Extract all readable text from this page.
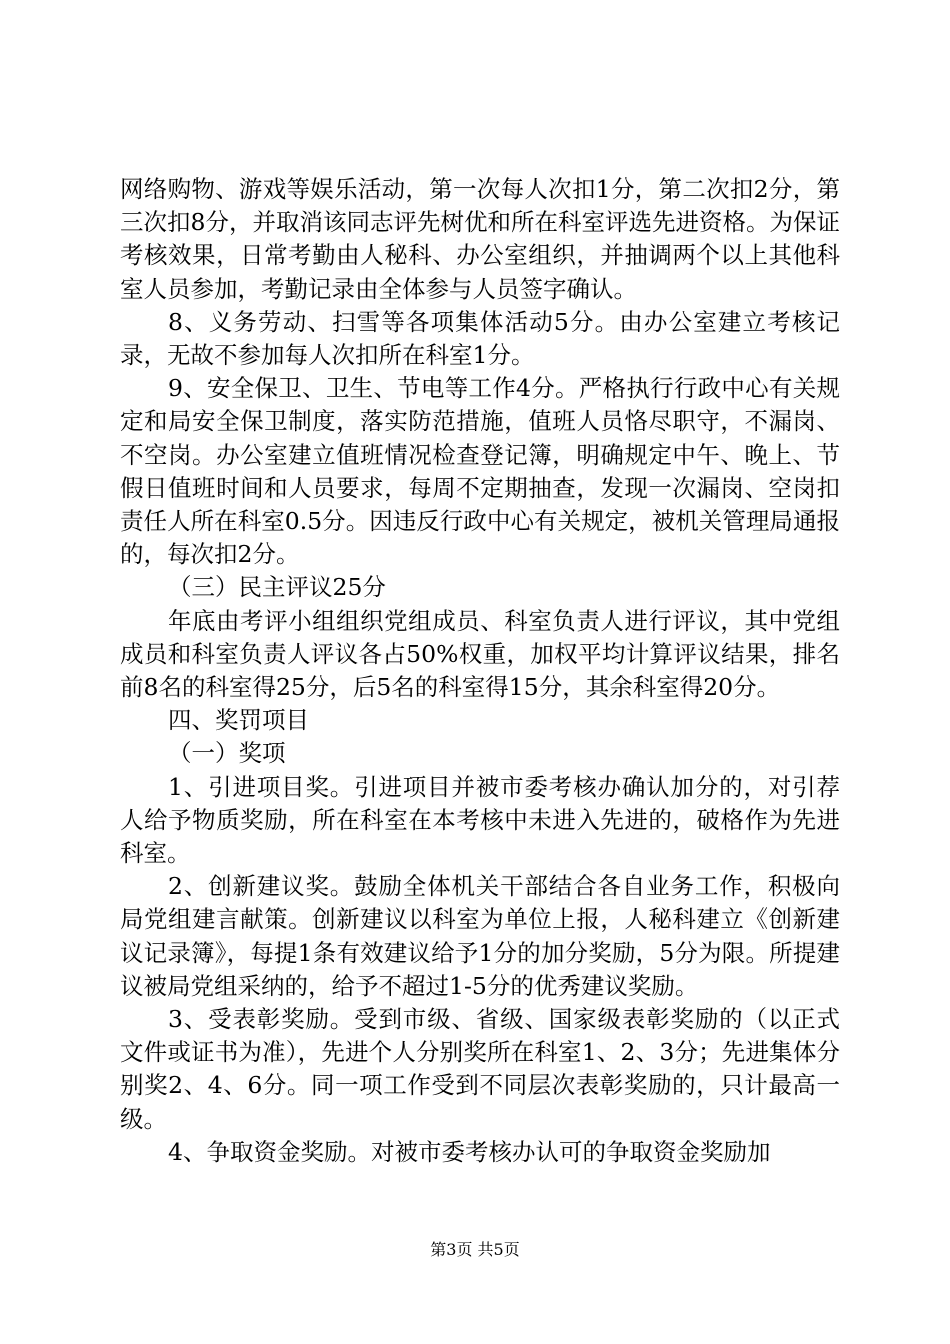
网络购物、游戏等娱乐活动，第一次每人次扣1分，第二次扣2分，第三次扣8分，并取消该同志评先树优和所在科室评选先进资格。为保证考核效果，日常考勤由人秘科、办公室组织，并抽调两个以上其他科室人员参加，考勤记录由全体参与人员签字确认。

8、义务劳动、扫雪等各项集体活动5分。由办公室建立考核记录，无故不参加每人次扣所在科室1分。

9、安全保卫、卫生、节电等工作4分。严格执行行政中心有关规定和局安全保卫制度，落实防范措施，值班人员恪尽职守，不漏岗、不空岗。办公室建立值班情况检查登记簿，明确规定中午、晚上、节假日值班时间和人员要求，每周不定期抽查，发现一次漏岗、空岗扣责任人所在科室0.5分。因违反行政中心有关规定，被机关管理局通报的，每次扣2分。

（三）民主评议25分

年底由考评小组组织党组成员、科室负责人进行评议，其中党组成员和科室负责人评议各占50%权重，加权平均计算评议结果，排名前8名的科室得25分，后5名的科室得15分，其余科室得20分。

四、奖罚项目

（一）奖项

1、引进项目奖。引进项目并被市委考核办确认加分的，对引荐人给予物质奖励，所在科室在本考核中未进入先进的，破格作为先进科室。

2、创新建议奖。鼓励全体机关干部结合各自业务工作，积极向局党组建言献策。创新建议以科室为单位上报，人秘科建立《创新建议记录簿》，每提1条有效建议给予1分的加分奖励，5分为限。所提建议被局党组采纳的，给予不超过1-5分的优秀建议奖励。

3、受表彰奖励。受到市级、省级、国家级表彰奖励的（以正式文件或证书为准），先进个人分别奖所在科室1、2、3分；先进集体分别奖2、4、6分。同一项工作受到不同层次表彰奖励的，只计最高一级。

4、争取资金奖励。对被市委考核办认可的争取资金奖励加

第3页 共5页
